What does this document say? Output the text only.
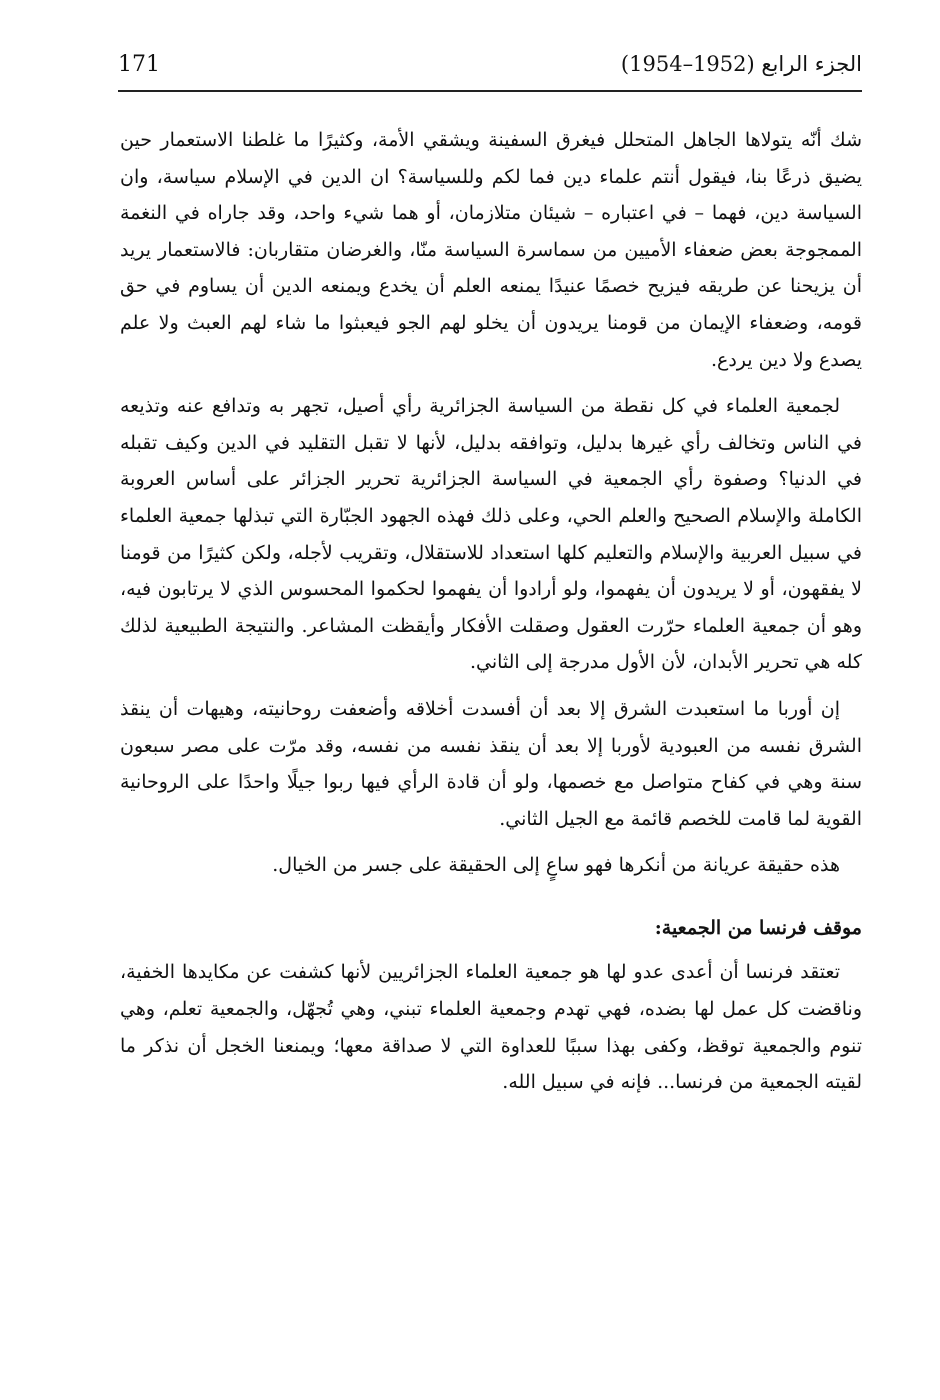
171	الجزء الرابع (1952–1954)

شك أنّه يتولاها الجاهل المتحلل فيغرق السفينة ويشقي الأمة، وكثيرًا ما غلطنا الاستعمار حين يضيق ذرعًا بنا، فيقول أنتم علماء دين فما لكم وللسياسة؟ ان الدين في الإسلام سياسة، وان السياسة دين، فهما – في اعتباره – شيئان متلازمان، أو هما شيء واحد، وقد جاراه في النغمة الممجوجة بعض ضعفاء الأميين من سماسرة السياسة منّا، والغرضان متقاربان: فالاستعمار يريد أن يزيحنا عن طريقه فيزيح خصمًا عنيدًا يمنعه العلم أن يخدع ويمنعه الدين أن يساوم في حق قومه، وضعفاء الإيمان من قومنا يريدون أن يخلو لهم الجو فيعبثوا ما شاء لهم العبث ولا علم يصدع ولا دين يردع.

لجمعية العلماء في كل نقطة من السياسة الجزائرية رأي أصيل، تجهر به وتدافع عنه وتذيعه في الناس وتخالف رأي غيرها بدليل، وتوافقه بدليل، لأنها لا تقبل التقليد في الدين وكيف تقبله في الدنيا؟ وصفوة رأي الجمعية في السياسة الجزائرية تحرير الجزائر على أساس العروبة الكاملة والإسلام الصحيح والعلم الحي، وعلى ذلك فهذه الجهود الجبّارة التي تبذلها جمعية العلماء في سبيل العربية والإسلام والتعليم كلها استعداد للاستقلال، وتقريب لأجله، ولكن كثيرًا من قومنا لا يفقهون، أو لا يريدون أن يفهموا، ولو أرادوا أن يفهموا لحكموا المحسوس الذي لا يرتابون فيه، وهو أن جمعية العلماء حرّرت العقول وصقلت الأفكار وأيقظت المشاعر. والنتيجة الطبيعية لذلك كله هي تحرير الأبدان، لأن الأول مدرجة إلى الثاني.

إن أوربا ما استعبدت الشرق إلا بعد أن أفسدت أخلاقه وأضعفت روحانيته، وهيهات أن ينقذ الشرق نفسه من العبودية لأوربا إلا بعد أن ينقذ نفسه من نفسه، وقد مرّت على مصر سبعون سنة وهي في كفاح متواصل مع خصمها، ولو أن قادة الرأي فيها ربوا جيلًا واحدًا على الروحانية القوية لما قامت للخصم قائمة مع الجيل الثاني.

هذه حقيقة عريانة من أنكرها فهو ساعٍ إلى الحقيقة على جسر من الخيال.

موقف فرنسا من الجمعية:

تعتقد فرنسا أن أعدى عدو لها هو جمعية العلماء الجزائريين لأنها كشفت عن مكايدها الخفية، وناقضت كل عمل لها بضده، فهي تهدم وجمعية العلماء تبني، وهي تُجهّل، والجمعية تعلم، وهي تنوم والجمعية توقظ، وكفى بهذا سببًا للعداوة التي لا صداقة معها؛ ويمنعنا الخجل أن نذكر ما لقيته الجمعية من فرنسا... فإنه في سبيل الله.
